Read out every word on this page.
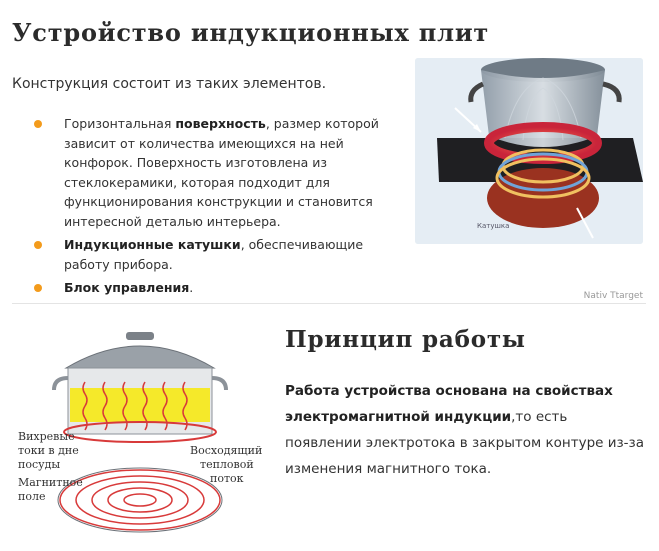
Устройство индукционных плит

Конструкция состоит из таких элементов.

Горизонтальная поверхность, размер которой зависит от количества имеющихся на ней конфорок. Поверхность изготовлена из стеклокерамики, которая подходит для функционирования конструкции и становится интересной деталью интерьера.
Индукционные катушки, обеспечивающие работу прибора.
Блок управления.
Катушка
Nativ Ttarget
Вихревые
токи в дне
посуды
Восходящий
тепловой
поток
Магнитное
поле
Принцип работы

Работа устройства основана на свойствах электромагнитной индукции,то есть появлении электротока в закрытом контуре из-за изменения магнитного тока.
